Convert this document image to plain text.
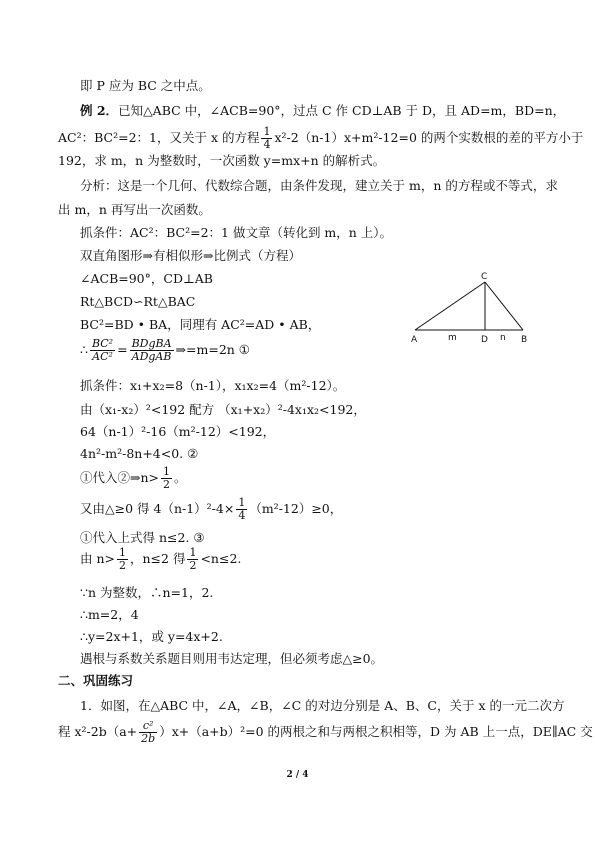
即 P 应为 BC 之中点。
例 2．已知△ABC 中，∠ACB=90°，过点 C 作 CD⊥AB 于 D，且 AD=m，BD=n，
AC²：BC²=2：1，又关于 x 的方程 $\frac{1}{4} x^2-2(n-1)x+m^2-12=0$ 的两个实数根的差的平方小于
192，求 m，n 为整数时，一次函数 y=mx+n 的解析式。
分析：这是一个几何、代数综合题，由条件发现，建立关于 m，n 的方程或不等式，求
出 m，n 再写出一次函数。
抓条件：AC²：BC²=2：1 做文章（转化到 m，n 上）。
双直角图形⇒有相似形⇒比例式（方程）
∠ACB=90°，CD⊥AB
Rt△BCD∽Rt△BAC
BC²=BD • BA，同理有 AC²=AD • AB，
∴ $\frac{\text{BC²}}{\text{AC²}} = \frac{\text{BDgBA}}{\text{ADgAB}}$ ⇒=m=2n ①
抓条件：x₁+x₂=8（n-1），x₁x₂=4（m²-12）。
由（x₁-x₂）²<192 配方 （x₁+x₂）²-4x₁x₂<192，
64（n-1）²-16（m²-12）<192，
4n²-m²-8n+4<0. ②
①代入②⇒n> $\frac{1}{2}$ 。
又由△≥0 得 $4(n-1)^2-4\times \frac{1}{4} (m^2-12)\ge 0$，
①代入上式得 n≤2. ③
由 $n> \frac{1}{2}$ ，n≤2 得 $\frac{1}{2} <n\le 2$.
∵n 为整数，∴n=1，2.
∴m=2，4
∴y=2x+1，或 y=4x+2.
遇根与系数关系题目则用韦达定理，但必须考虑△≥0。
二、巩固练习
1．如图，在△ABC 中，∠A，∠B，∠C 的对边分别是 A、B、C，关于 x 的一元二次方
程 $x^2-2b(a+ \frac{\text{c²}}{2b} )x+(a+b)^2=0$ 的两根之和与两根之积相等，D 为 AB 上一点，DE∥AC 交
C
A	m	D n B
2 / 4
